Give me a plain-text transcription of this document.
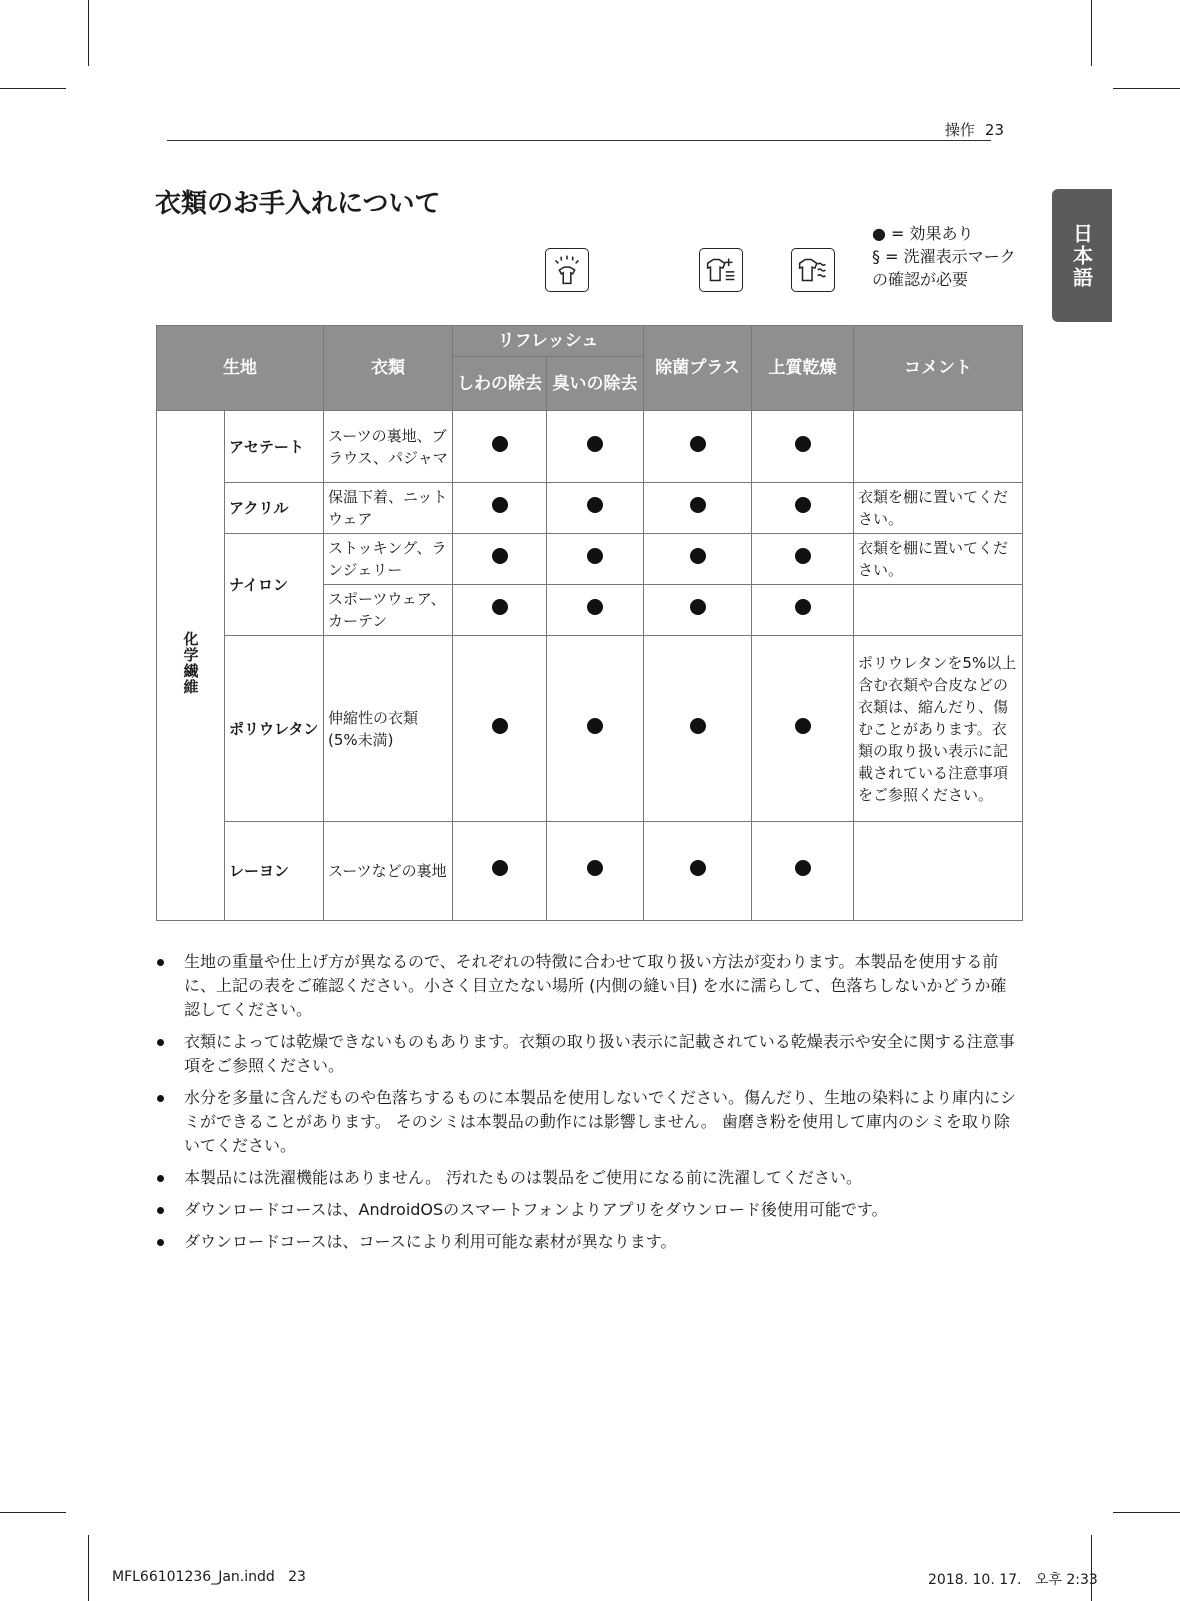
操作 23
衣類のお手入れについて
日本語
● = 効果あり
§ = 洗濯表示マークの確認が必要
生地		衣類	リフレッシュ		除菌プラス	上質乾燥	コメント
			しわの除去	臭いの除去			
化学繊維	アセテート	スーツの裏地、ブラウス、パジャマ					
	アクリル	保温下着、ニットウェア					衣類を棚に置いてください。
	ナイロン	ストッキング、ランジェリー					衣類を棚に置いてください。
		スポーツウェア、カーテン					
	ポリウレタン	伸縮性の衣類 (5%未満)					ポリウレタンを5%以上含む衣類や合皮などの衣類は、縮んだり、傷むことがあります。衣類の取り扱い表示に記載されている注意事項をご参照ください。
	レーヨン	スーツなどの裏地					
生地の重量や仕上げ方が異なるので、それぞれの特徴に合わせて取り扱い方法が変わります。本製品を使用する前に、上記の表をご確認ください。小さく目立たない場所 (内側の縫い目) を水に濡らして、色落ちしないかどうか確認してください。
衣類によっては乾燥できないものもあります。衣類の取り扱い表示に記載されている乾燥表示や安全に関する注意事項をご参照ください。
水分を多量に含んだものや色落ちするものに本製品を使用しないでください。傷んだり、生地の染料により庫内にシミができることがあります。 そのシミは本製品の動作には影響しません。 歯磨き粉を使用して庫内のシミを取り除いてください。
本製品には洗濯機能はありません。 汚れたものは製品をご使用になる前に洗濯してください。
ダウンロードコースは、AndroidOSのスマートフォンよりアプリをダウンロード後使用可能です。
ダウンロードコースは、コースにより利用可能な素材が異なります。
MFL66101236_Jan.indd   23	2018. 10. 17.   오후 2:33
